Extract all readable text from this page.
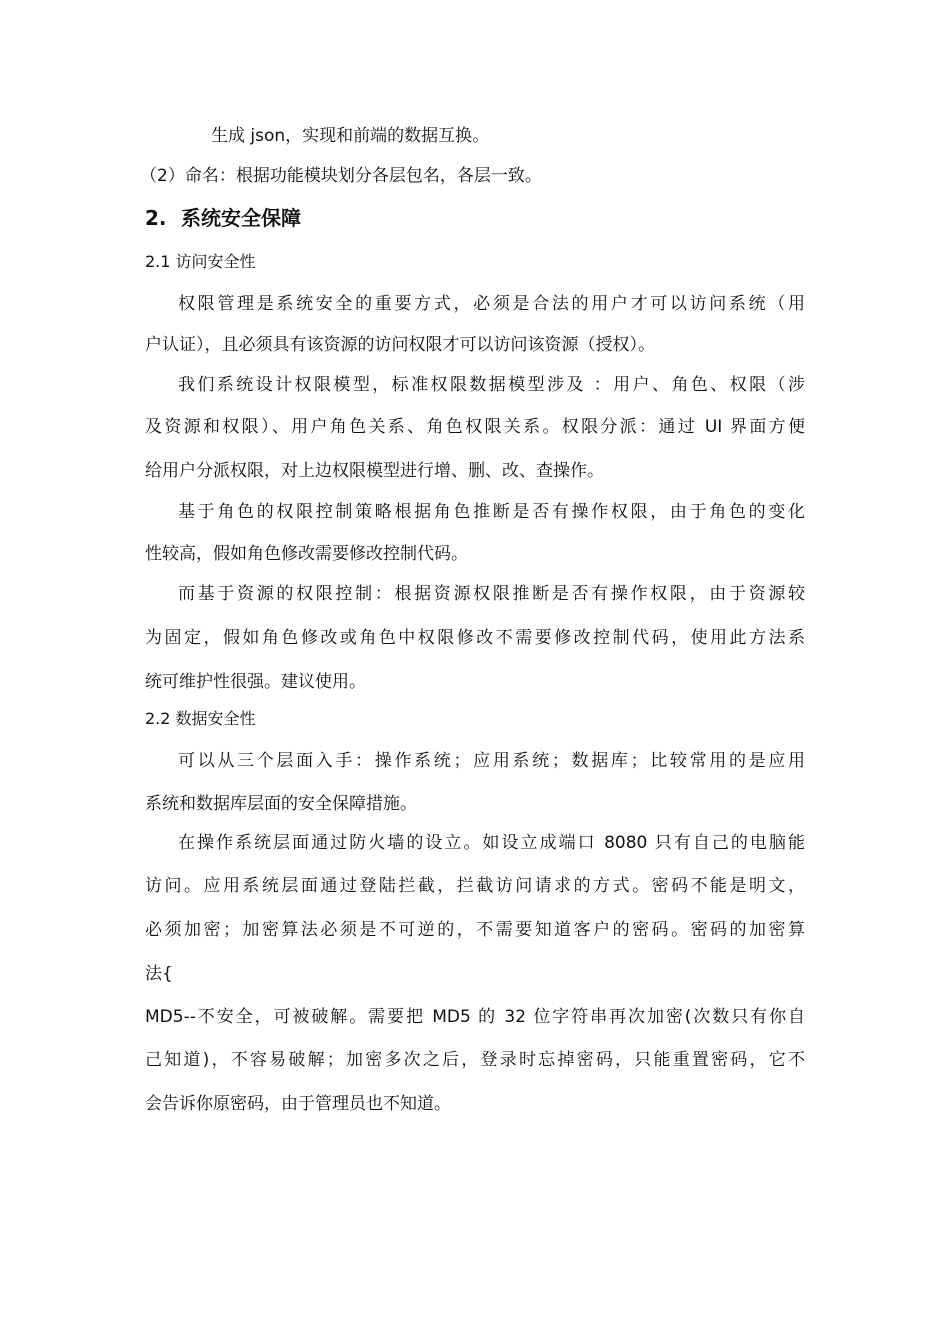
生成 json，实现和前端的数据互换。
（2）命名：根据功能模块划分各层包名，各层一致。
2. 系统安全保障
2.1 访问安全性
权限管理是系统安全的重要方式，必须是合法的用户才可以访问系统（用
户认证），且必须具有该资源的访问权限才可以访问该资源（授权）。
我们系统设计权限模型，标准权限数据模型涉及 ：用户、角色、权限（涉
及资源和权限）、用户角色关系、角色权限关系。权限分派：通过 UI 界面方便
给用户分派权限，对上边权限模型进行增、删、改、查操作。
基于角色的权限控制策略根据角色推断是否有操作权限，由于角色的变化
性较高，假如角色修改需要修改控制代码。
而基于资源的权限控制：根据资源权限推断是否有操作权限，由于资源较
为固定，假如角色修改或角色中权限修改不需要修改控制代码，使用此方法系
统可维护性很强。建议使用。
2.2 数据安全性
可以从三个层面入手：操作系统；应用系统；数据库；比较常用的是应用
系统和数据库层面的安全保障措施。
在操作系统层面通过防火墙的设立。如设立成端口 8080 只有自己的电脑能
访问。应用系统层面通过登陆拦截，拦截访问请求的方式。密码不能是明文，
必须加密；加密算法必须是不可逆的，不需要知道客户的密码。密码的加密算
法{
MD5--不安全，可被破解。需要把 MD5 的 32 位字符串再次加密(次数只有你自
己知道)，不容易破解；加密多次之后，登录时忘掉密码，只能重置密码，它不
会告诉你原密码，由于管理员也不知道。
